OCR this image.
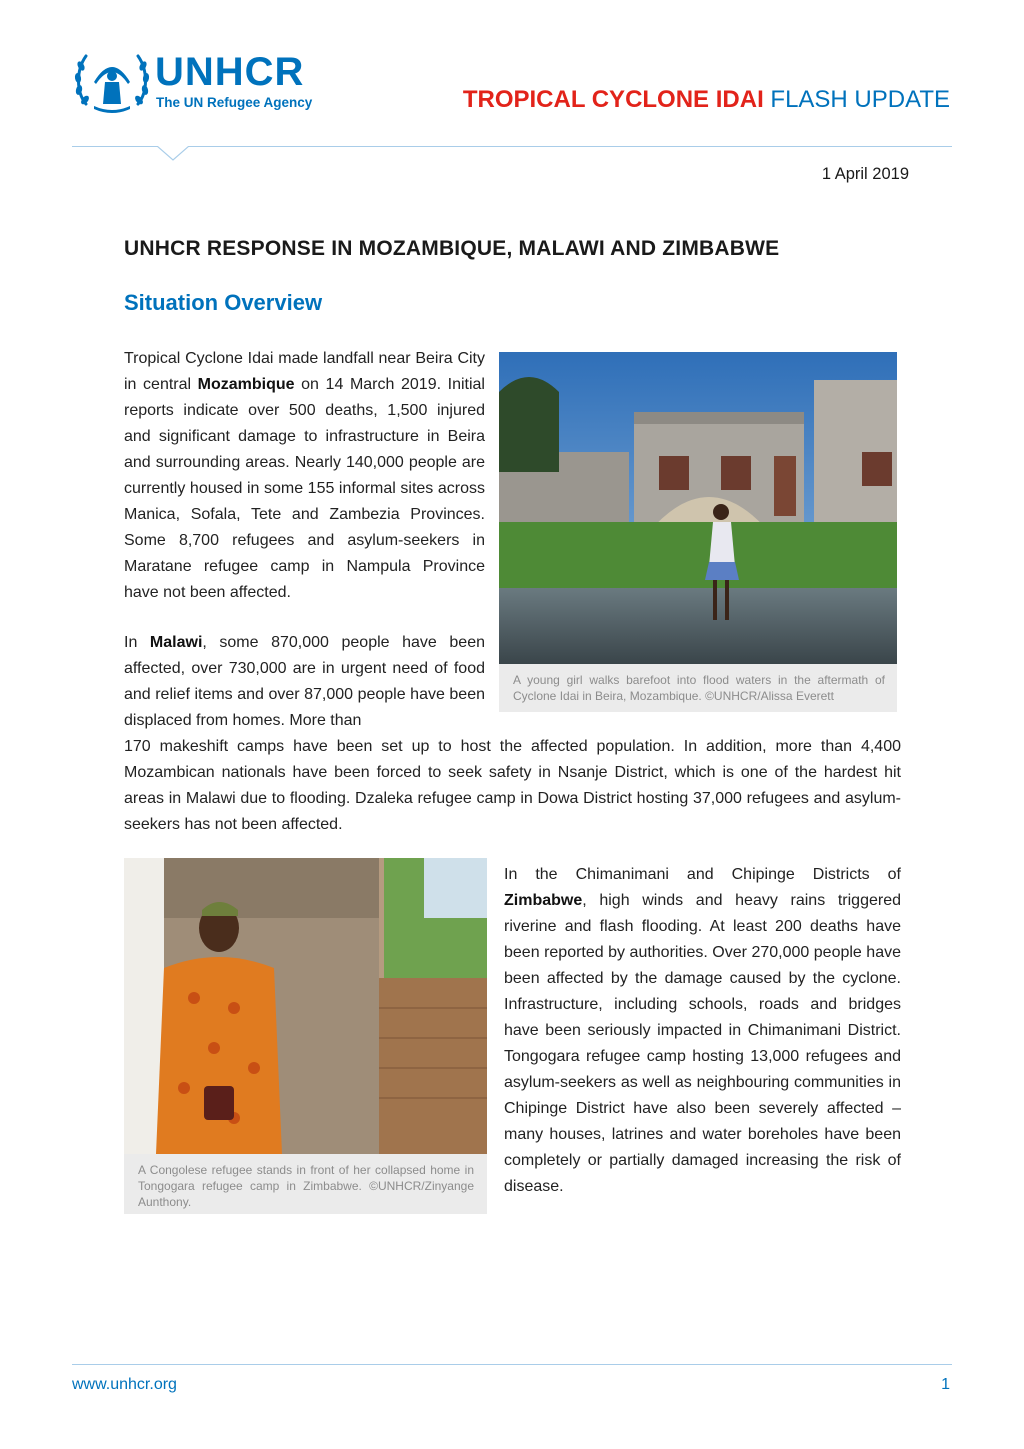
UNHCR
The UN Refugee Agency	TROPICAL CYCLONE IDAI FLASH UPDATE
1 April 2019
UNHCR RESPONSE IN MOZAMBIQUE, MALAWI AND ZIMBABWE
Situation Overview
Tropical Cyclone Idai made landfall near Beira City in central Mozambique on 14 March 2019. Initial reports indicate over 500 deaths, 1,500 injured and significant damage to infrastructure in Beira and surrounding areas. Nearly 140,000 people are currently housed in some 155 informal sites across Manica, Sofala, Tete and Zambezia Provinces. Some 8,700 refugees and asylum-seekers in Maratane refugee camp in Nampula Province have not been affected.
A young girl walks barefoot into flood waters in the aftermath of Cyclone Idai in Beira, Mozambique. ©UNHCR/Alissa Everett
In Malawi, some 870,000 people have been affected, over 730,000 are in urgent need of food and relief items and over 87,000 people have been displaced from homes. More than
170 makeshift camps have been set up to host the affected population. In addition, more than 4,400 Mozambican nationals have been forced to seek safety in Nsanje District, which is one of the hardest hit areas in Malawi due to flooding. Dzaleka refugee camp in Dowa District hosting 37,000 refugees and asylum-seekers has not been affected.
A Congolese refugee stands in front of her collapsed home in Tongogara refugee camp in Zimbabwe. ©UNHCR/Zinyange Aunthony.
In the Chimanimani and Chipinge Districts of Zimbabwe, high winds and heavy rains triggered riverine and flash flooding. At least 200 deaths have been reported by authorities. Over 270,000 people have been affected by the damage caused by the cyclone. Infrastructure, including schools, roads and bridges have been seriously impacted in Chimanimani District. Tongogara refugee camp hosting 13,000 refugees and asylum-seekers as well as neighbouring communities in Chipinge District have also been severely affected – many houses, latrines and water boreholes have been completely or partially damaged increasing the risk of disease.
www.unhcr.org	1
